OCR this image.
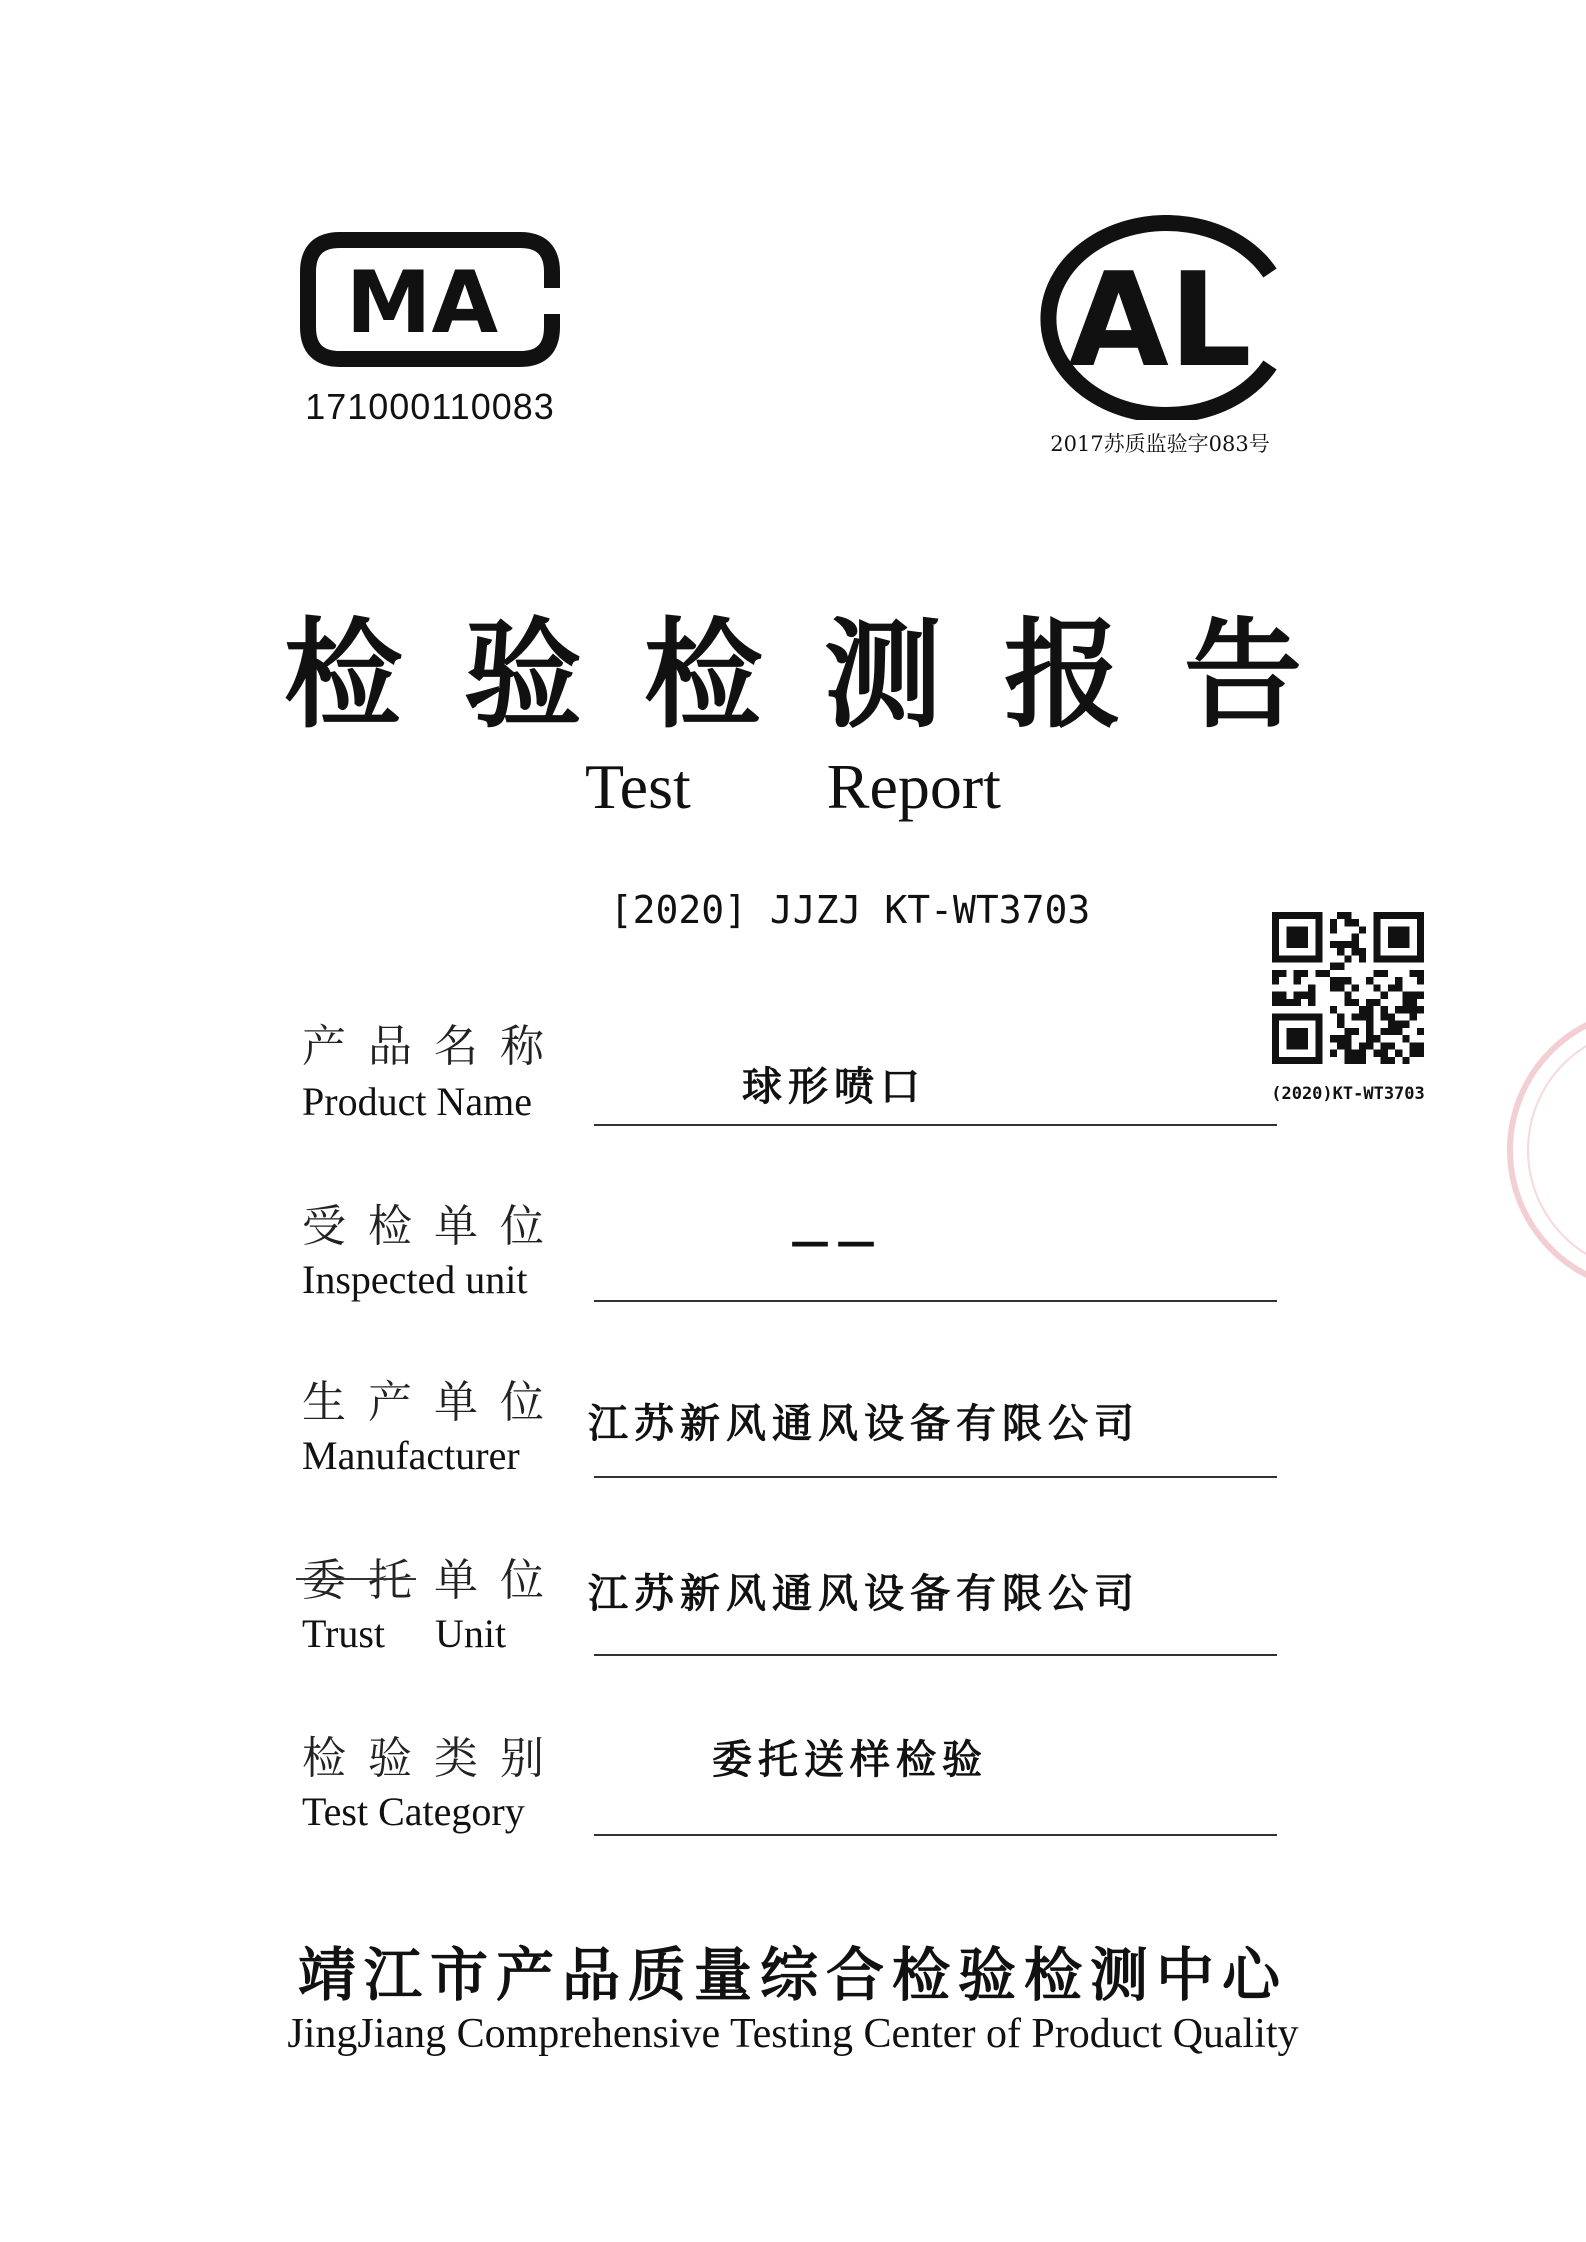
MA
171000110083
AL
2017苏质监验字083号
检验检测报告
Test Report
[2020] JJZJ KT-WT3703
(2020)KT-WT3703
产品名称
Product Name	球形喷口
受检单位
Inspected unit
——
生产单位
Manufacturer
江苏新风通风设备有限公司
委托单位
Trust     Unit
江苏新风通风设备有限公司
检验类别
Test Category
委托送样检验
靖江市产品质量综合检验检测中心
JingJiang Comprehensive Testing Center of Product Quality
